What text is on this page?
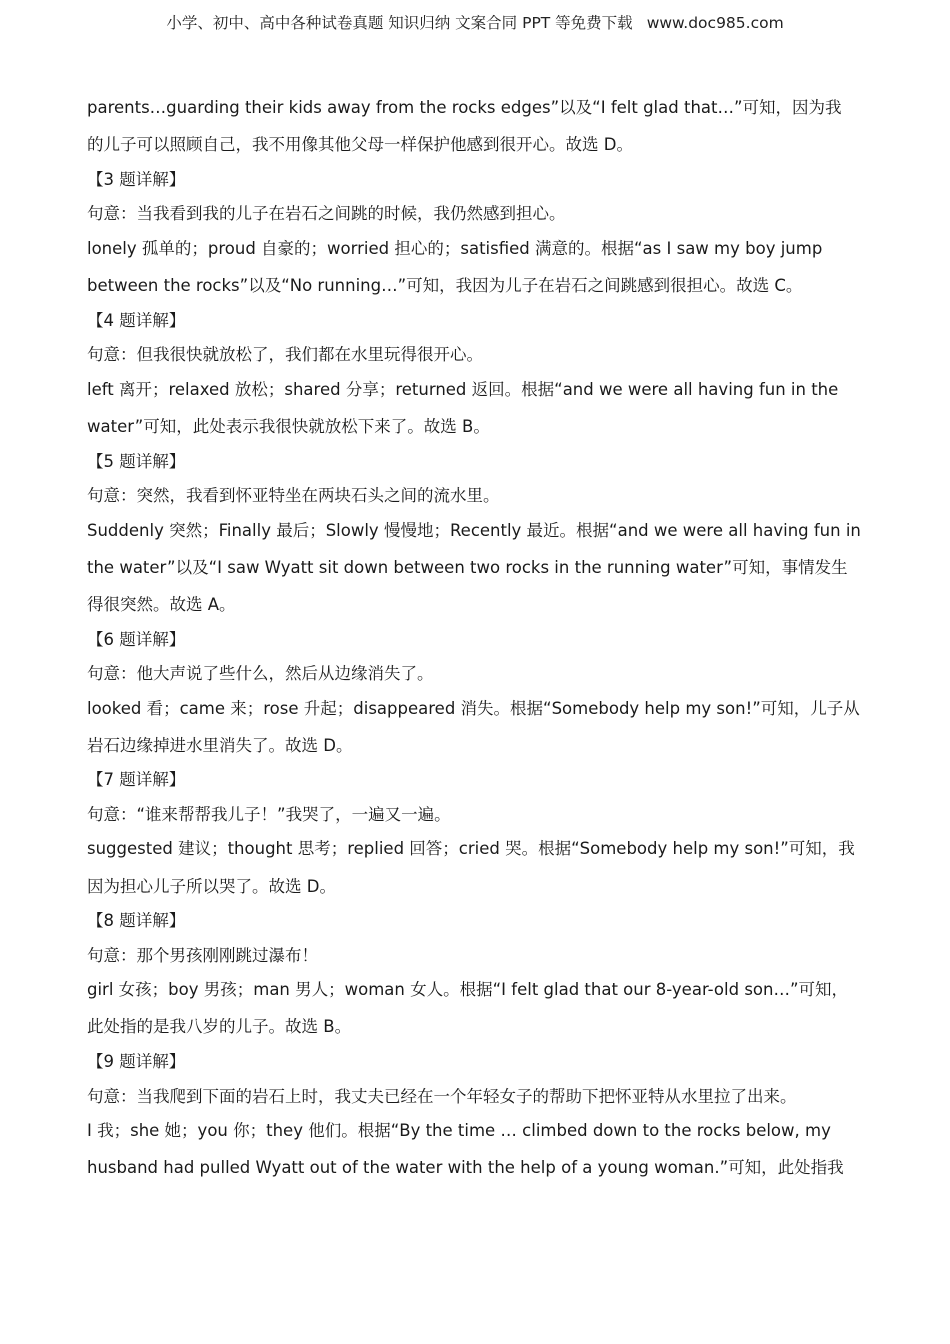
小学、初中、高中各种试卷真题 知识归纳 文案合同 PPT 等免费下载 www.doc985.com
parents…guarding their kids away from the rocks edges”以及“I felt glad that…”可知，因为我
的儿子可以照顾自己，我不用像其他父母一样保护他感到很开心。故选 D。
【3 题详解】
句意：当我看到我的儿子在岩石之间跳的时候，我仍然感到担心。
lonely 孤单的；proud 自豪的；worried 担心的；satisfied 满意的。根据“as I saw my boy jump
between the rocks”以及“No running…”可知，我因为儿子在岩石之间跳感到很担心。故选 C。
【4 题详解】
句意：但我很快就放松了，我们都在水里玩得很开心。
left 离开；relaxed 放松；shared 分享；returned 返回。根据“and we were all having fun in the
water”可知，此处表示我很快就放松下来了。故选 B。
【5 题详解】
句意：突然，我看到怀亚特坐在两块石头之间的流水里。
Suddenly 突然；Finally 最后；Slowly 慢慢地；Recently 最近。根据“and we were all having fun in
the water”以及“I saw Wyatt sit down between two rocks in the running water”可知，事情发生
得很突然。故选 A。
【6 题详解】
句意：他大声说了些什么，然后从边缘消失了。
looked 看；came 来；rose 升起；disappeared 消失。根据“Somebody help my son!”可知，儿子从
岩石边缘掉进水里消失了。故选 D。
【7 题详解】
句意：“谁来帮帮我儿子！”我哭了，一遍又一遍。
suggested 建议；thought 思考；replied 回答；cried 哭。根据“Somebody help my son!”可知，我
因为担心儿子所以哭了。故选 D。
【8 题详解】
句意：那个男孩刚刚跳过瀑布！
girl 女孩；boy 男孩；man 男人；woman 女人。根据“I felt glad that our 8-year-old son…”可知，
此处指的是我八岁的儿子。故选 B。
【9 题详解】
句意：当我爬到下面的岩石上时，我丈夫已经在一个年轻女子的帮助下把怀亚特从水里拉了出来。
I 我；she 她；you 你；they 他们。根据“By the time … climbed down to the rocks below, my
husband had pulled Wyatt out of the water with the help of a young woman.”可知，此处指我
